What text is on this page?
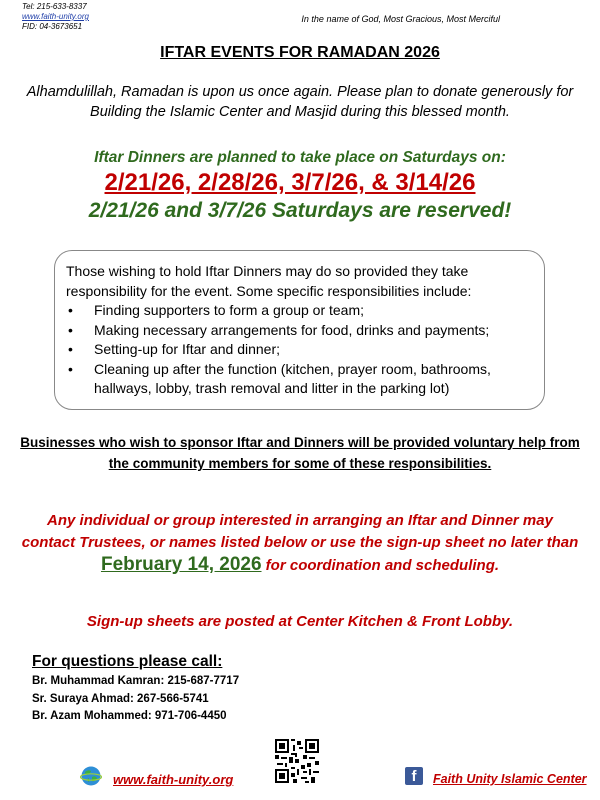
Tel: 215-633-8337
www.faith-unity.org
FID: 04-3673651
In the name of God, Most Gracious, Most Merciful
IFTAR EVENTS FOR RAMADAN 2026
Alhamdulillah, Ramadan is upon us once again. Please plan to donate generously for Building the Islamic Center and Masjid during this blessed month.
Iftar Dinners are planned to take place on Saturdays on:
2/21/26, 2/28/26, 3/7/26, & 3/14/26
2/21/26 and 3/7/26 Saturdays are reserved!
Those wishing to hold Iftar Dinners may do so provided they take responsibility for the event. Some specific responsibilities include:
• Finding supporters to form a group or team;
• Making necessary arrangements for food, drinks and payments;
• Setting-up for Iftar and dinner;
• Cleaning up after the function (kitchen, prayer room, bathrooms, hallways, lobby, trash removal and litter in the parking lot)
Businesses who wish to sponsor Iftar and Dinners will be provided voluntary help from the community members for some of these responsibilities.
Any individual or group interested in arranging an Iftar and Dinner may contact Trustees, or names listed below or use the sign-up sheet no later than February 14, 2026 for coordination and scheduling.
Sign-up sheets are posted at Center Kitchen & Front Lobby.
For questions please call:
Br. Muhammad Kamran: 215-687-7717
Sr. Suraya Ahmad: 267-566-5741
Br. Azam Mohammed: 971-706-4450
www.faith-unity.org	f	Faith Unity Islamic Center
